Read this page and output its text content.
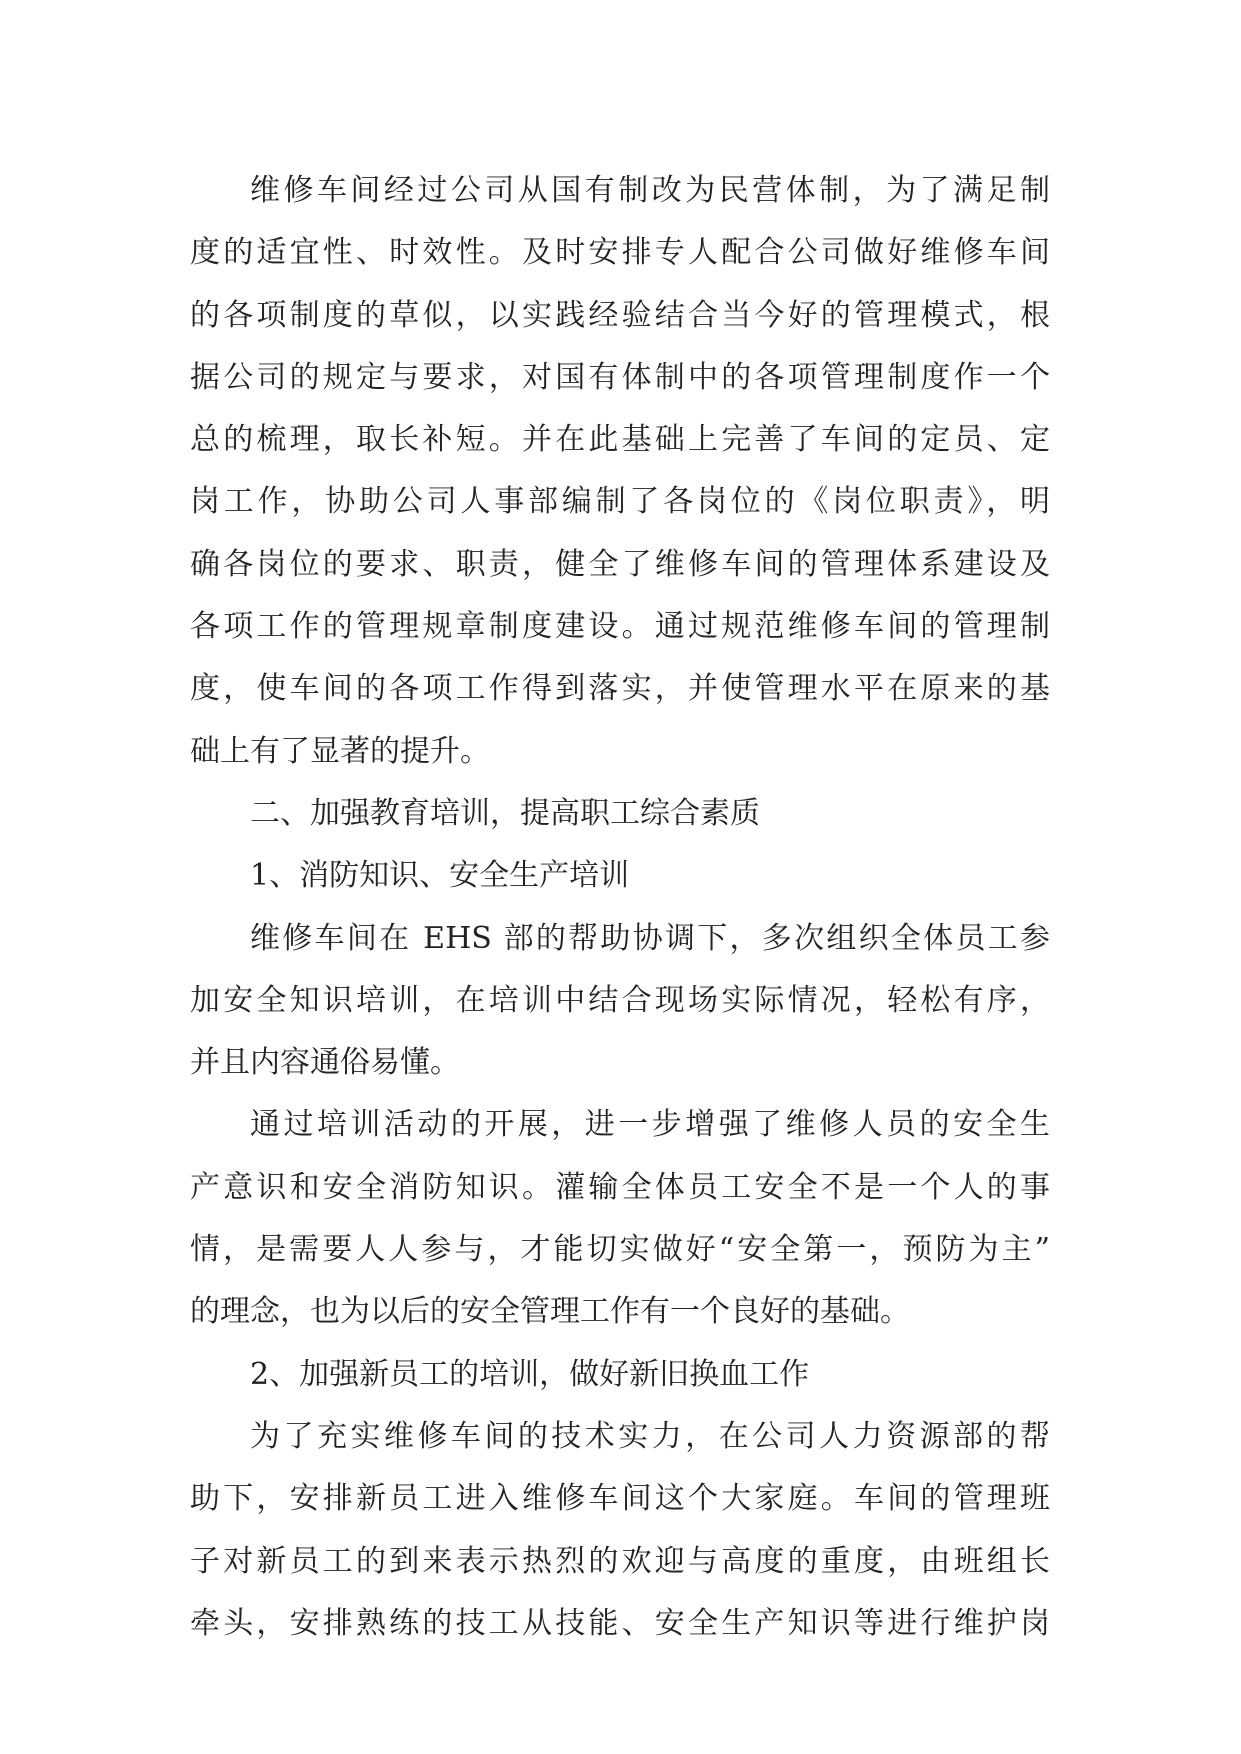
维修车间经过公司从国有制改为民营体制，为了满足制
度的适宜性、时效性。及时安排专人配合公司做好维修车间
的各项制度的草似，以实践经验结合当今好的管理模式，根
据公司的规定与要求，对国有体制中的各项管理制度作一个
总的梳理，取长补短。并在此基础上完善了车间的定员、定
岗工作，协助公司人事部编制了各岗位的《岗位职责》，明
确各岗位的要求、职责，健全了维修车间的管理体系建设及
各项工作的管理规章制度建设。通过规范维修车间的管理制
度，使车间的各项工作得到落实，并使管理水平在原来的基
础上有了显著的提升。
二、加强教育培训，提高职工综合素质
1、消防知识、安全生产培训
维修车间在 EHS 部的帮助协调下，多次组织全体员工参
加安全知识培训，在培训中结合现场实际情况，轻松有序，
并且内容通俗易懂。
通过培训活动的开展，进一步增强了维修人员的安全生
产意识和安全消防知识。灌输全体员工安全不是一个人的事
情，是需要人人参与，才能切实做好“安全第一，预防为主”
的理念，也为以后的安全管理工作有一个良好的基础。
2、加强新员工的培训，做好新旧换血工作
为了充实维修车间的技术实力，在公司人力资源部的帮
助下，安排新员工进入维修车间这个大家庭。车间的管理班
子对新员工的到来表示热烈的欢迎与高度的重度，由班组长
牵头，安排熟练的技工从技能、安全生产知识等进行维护岗
